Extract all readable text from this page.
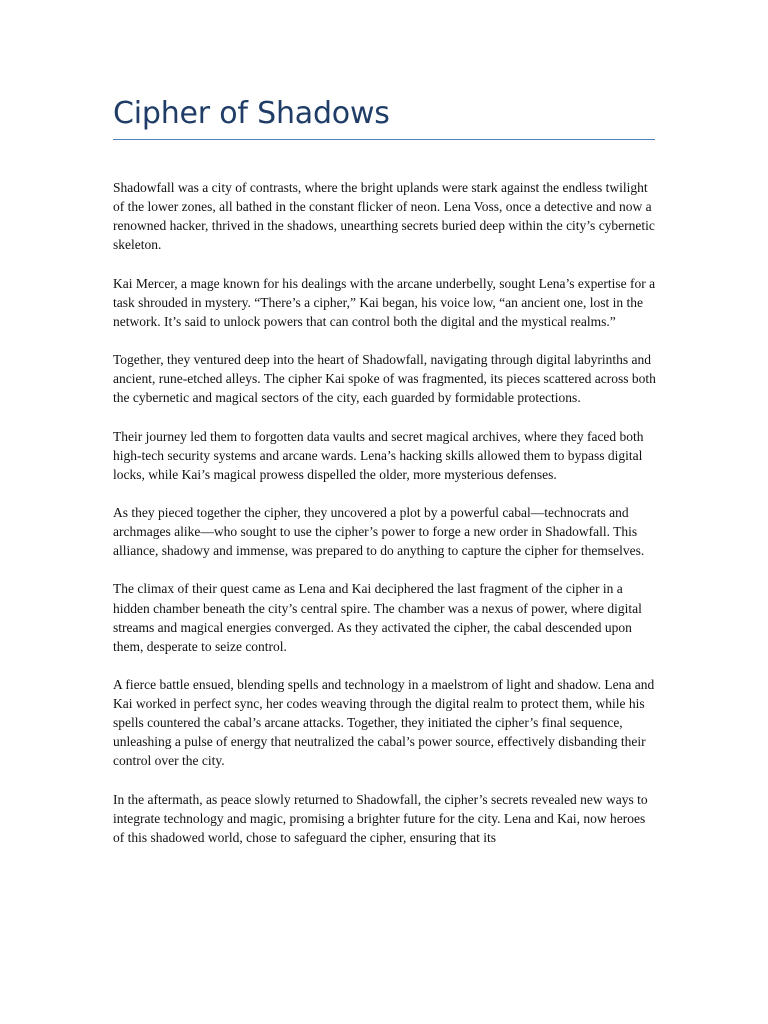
Cipher of Shadows

Shadowfall was a city of contrasts, where the bright uplands were stark against the endless twilight of the lower zones, all bathed in the constant flicker of neon. Lena Voss, once a detective and now a renowned hacker, thrived in the shadows, unearthing secrets buried deep within the city’s cybernetic skeleton.

Kai Mercer, a mage known for his dealings with the arcane underbelly, sought Lena’s expertise for a task shrouded in mystery. “There’s a cipher,” Kai began, his voice low, “an ancient one, lost in the network. It’s said to unlock powers that can control both the digital and the mystical realms.”

Together, they ventured deep into the heart of Shadowfall, navigating through digital labyrinths and ancient, rune-etched alleys. The cipher Kai spoke of was fragmented, its pieces scattered across both the cybernetic and magical sectors of the city, each guarded by formidable protections.

Their journey led them to forgotten data vaults and secret magical archives, where they faced both high-tech security systems and arcane wards. Lena’s hacking skills allowed them to bypass digital locks, while Kai’s magical prowess dispelled the older, more mysterious defenses.

As they pieced together the cipher, they uncovered a plot by a powerful cabal—technocrats and archmages alike—who sought to use the cipher’s power to forge a new order in Shadowfall. This alliance, shadowy and immense, was prepared to do anything to capture the cipher for themselves.

The climax of their quest came as Lena and Kai deciphered the last fragment of the cipher in a hidden chamber beneath the city’s central spire. The chamber was a nexus of power, where digital streams and magical energies converged. As they activated the cipher, the cabal descended upon them, desperate to seize control.

A fierce battle ensued, blending spells and technology in a maelstrom of light and shadow. Lena and Kai worked in perfect sync, her codes weaving through the digital realm to protect them, while his spells countered the cabal’s arcane attacks. Together, they initiated the cipher’s final sequence, unleashing a pulse of energy that neutralized the cabal’s power source, effectively disbanding their control over the city.

In the aftermath, as peace slowly returned to Shadowfall, the cipher’s secrets revealed new ways to integrate technology and magic, promising a brighter future for the city. Lena and Kai, now heroes of this shadowed world, chose to safeguard the cipher, ensuring that its
